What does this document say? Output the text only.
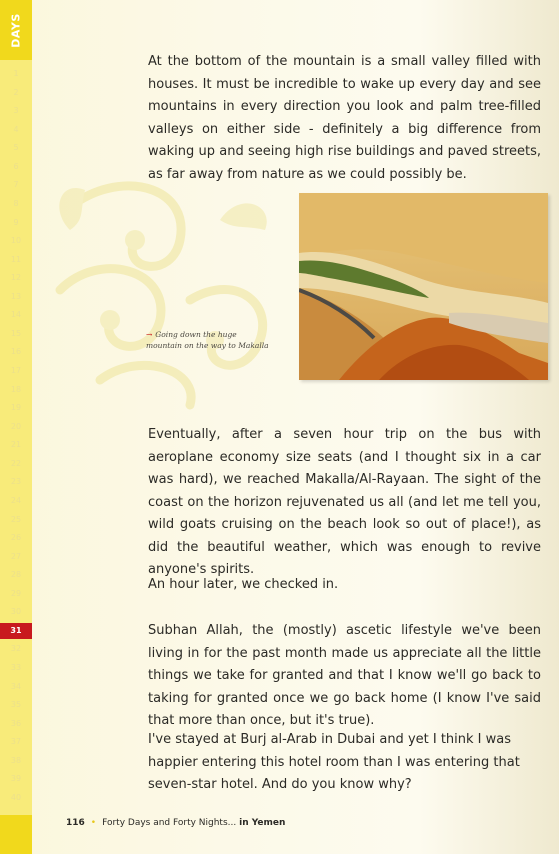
DAYS
1
2
3
4
5
6
7
8
9
10
11
12
13
14
15
16
17
18
19
20
21
22
23
24
25
26
27
28
29
30
31
32
33
34
35
36
37
38
39
40

At the bottom of the mountain is a small valley filled with houses. It must be incredible to wake up every day and see mountains in every direction you look and palm tree-filled valleys on either side - definitely a big difference from waking up and seeing high rise buildings and paved streets, as far away from nature as we could possibly be.

→ Going down the huge
mountain on the way to Makalla

Eventually, after a seven hour trip on the bus with aeroplane economy size seats (and I thought six in a car was hard), we reached Makalla/Al-Rayaan. The sight of the coast on the horizon rejuvenated us all (and let me tell you, wild goats cruising on the beach look so out of place!), as did the beautiful weather, which was enough to revive anyone's spirits.

An hour later, we checked in.

Subhan Allah, the (mostly) ascetic lifestyle we've been living in for the past month made us appreciate all the little things we take for granted and that I know we'll go back to taking for granted once we go back home (I know I've said that more than once, but it's true).

I've stayed at Burj al-Arab in Dubai and yet I think I was happier entering this hotel room than I was entering that seven-star hotel. And do you know why?

116 • Forty Days and Forty Nights... in Yemen
